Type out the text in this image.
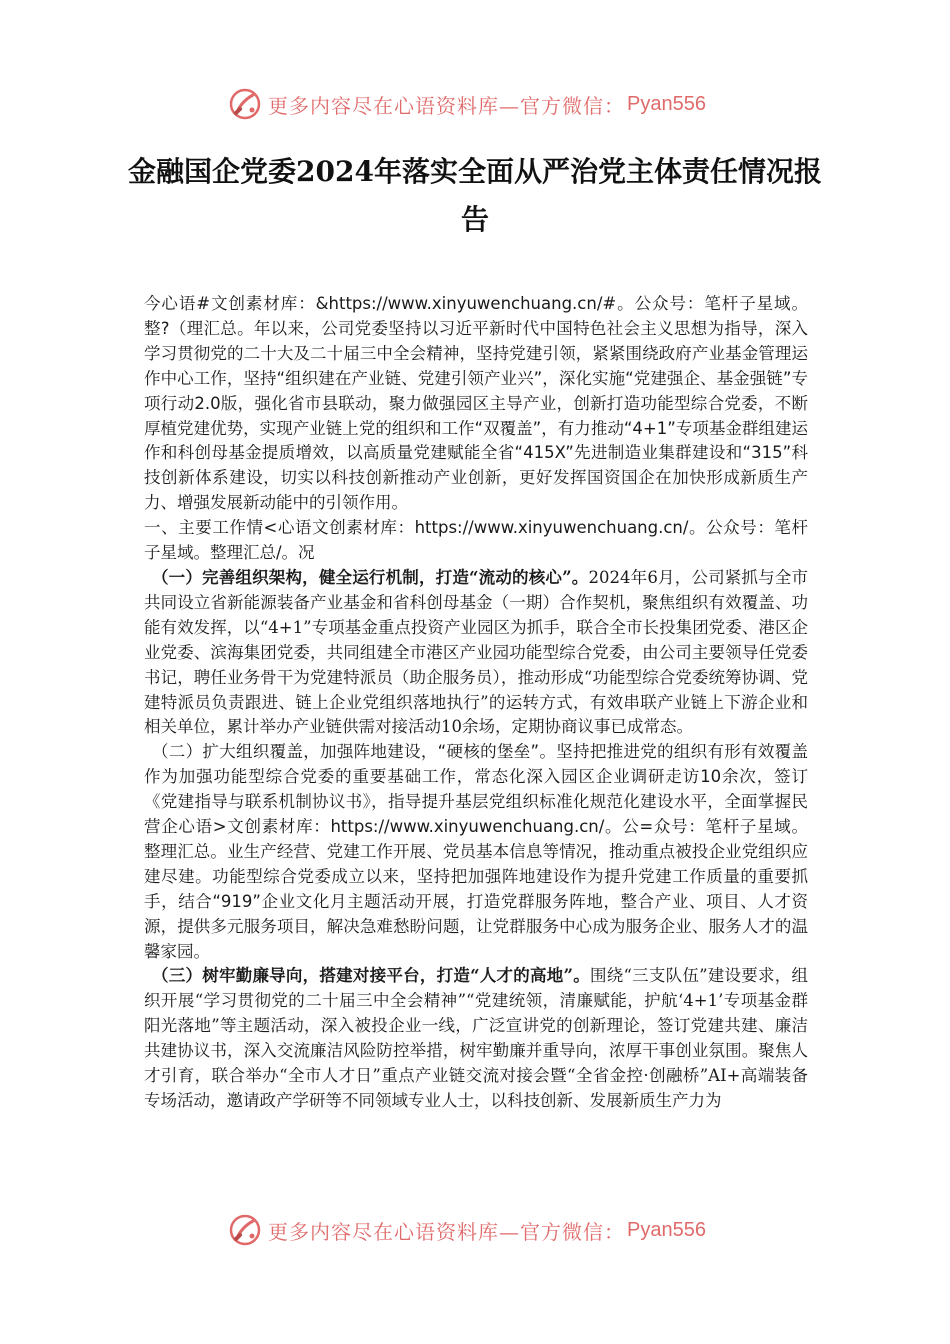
更多内容尽在心语资料库—官方微信： Pyan556
金融国企党委2024年落实全面从严治党主体责任情况报告

今心语#文创素材库：&https://www.xinyuwenchuang.cn/#。公众号：笔杆子星域。整?（理汇总。年以来，公司党委坚持以习近平新时代中国特色社会主义思想为指导，深入学习贯彻党的二十大及二十届三中全会精神，坚持党建引领，紧紧围绕政府产业基金管理运作中心工作，坚持“组织建在产业链、党建引领产业兴”，深化实施“党建强企、基金强链”专项行动2.0版，强化省市县联动，聚力做强园区主导产业，创新打造功能型综合党委，不断厚植党建优势，实现产业链上党的组织和工作“双覆盖”，有力推动“4+1”专项基金群组建运作和科创母基金提质增效，以高质量党建赋能全省“415X”先进制造业集群建设和“315”科技创新体系建设，切实以科技创新推动产业创新，更好发挥国资国企在加快形成新质生产力、增强发展新动能中的引领作用。

一、主要工作情<心语文创素材库：https://www.xinyuwenchuang.cn/。公众号：笔杆子星域。整理汇总/。况

（一）完善组织架构，健全运行机制，打造“流动的核心”。2024年6月，公司紧抓与全市共同设立省新能源装备产业基金和省科创母基金（一期）合作契机，聚焦组织有效覆盖、功能有效发挥，以“4+1”专项基金重点投资产业园区为抓手，联合全市长投集团党委、港区企业党委、滨海集团党委，共同组建全市港区产业园功能型综合党委，由公司主要领导任党委书记，聘任业务骨干为党建特派员（助企服务员），推动形成“功能型综合党委统筹协调、党建特派员负责跟进、链上企业党组织落地执行”的运转方式，有效串联产业链上下游企业和相关单位，累计举办产业链供需对接活动10余场，定期协商议事已成常态。

（二）扩大组织覆盖，加强阵地建设，“硬核的堡垒”。坚持把推进党的组织有形有效覆盖作为加强功能型综合党委的重要基础工作，常态化深入园区企业调研走访10余次，签订《党建指导与联系机制协议书》，指导提升基层党组织标准化规范化建设水平，全面掌握民营企心语>文创素材库：https://www.xinyuwenchuang.cn/。公=众号：笔杆子星域。整理汇总。业生产经营、党建工作开展、党员基本信息等情况，推动重点被投企业党组织应建尽建。功能型综合党委成立以来，坚持把加强阵地建设作为提升党建工作质量的重要抓手，结合“919”企业文化月主题活动开展，打造党群服务阵地，整合产业、项目、人才资源，提供多元服务项目，解决急难愁盼问题，让党群服务中心成为服务企业、服务人才的温馨家园。

（三）树牢勤廉导向，搭建对接平台，打造“人才的高地”。围绕“三支队伍”建设要求，组织开展“学习贯彻党的二十届三中全会精神”“党建统领，清廉赋能，护航‘4+1’专项基金群阳光落地”等主题活动，深入被投企业一线，广泛宣讲党的创新理论，签订党建共建、廉洁共建协议书，深入交流廉洁风险防控举措，树牢勤廉并重导向，浓厚干事创业氛围。聚焦人才引育，联合举办“全市人才日”重点产业链交流对接会暨“全省金控·创融桥”AI+高端装备专场活动，邀请政产学研等不同领域专业人士，以科技创新、发展新质生产力为

更多内容尽在心语资料库—官方微信： Pyan556
